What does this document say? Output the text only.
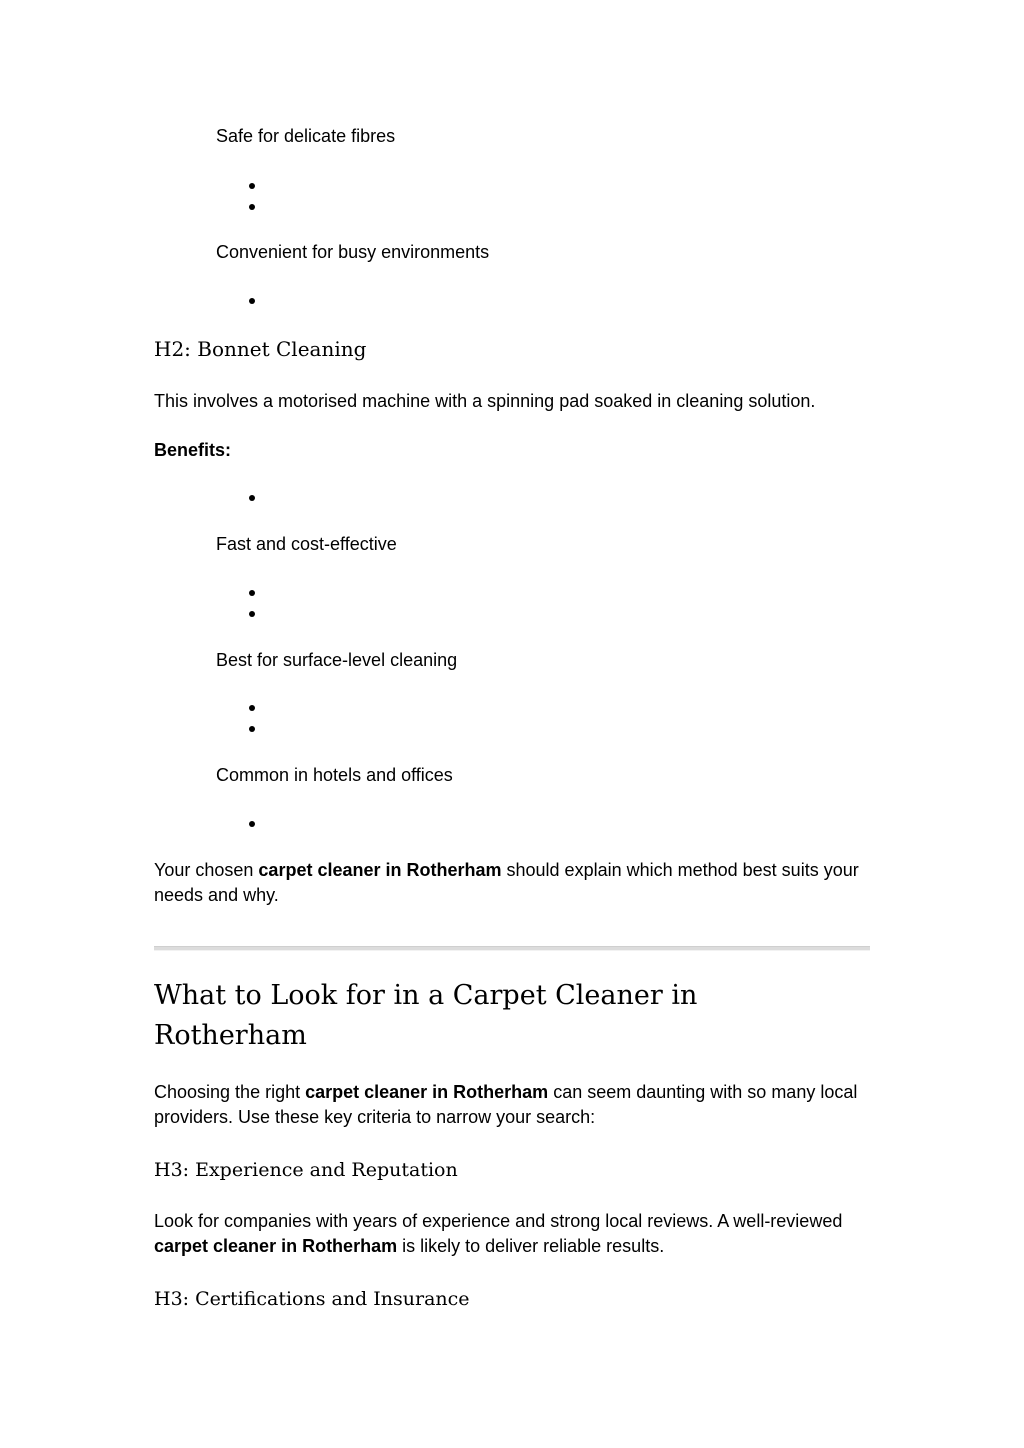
Safe for delicate fibres
Convenient for busy environments
H2: Bonnet Cleaning
This involves a motorised machine with a spinning pad soaked in cleaning solution.
Benefits:
Fast and cost-effective
Best for surface-level cleaning
Common in hotels and offices
Your chosen carpet cleaner in Rotherham should explain which method best suits your needs and why.
What to Look for in a Carpet Cleaner in Rotherham
Choosing the right carpet cleaner in Rotherham can seem daunting with so many local providers. Use these key criteria to narrow your search:
H3: Experience and Reputation
Look for companies with years of experience and strong local reviews. A well-reviewed carpet cleaner in Rotherham is likely to deliver reliable results.
H3: Certifications and Insurance
